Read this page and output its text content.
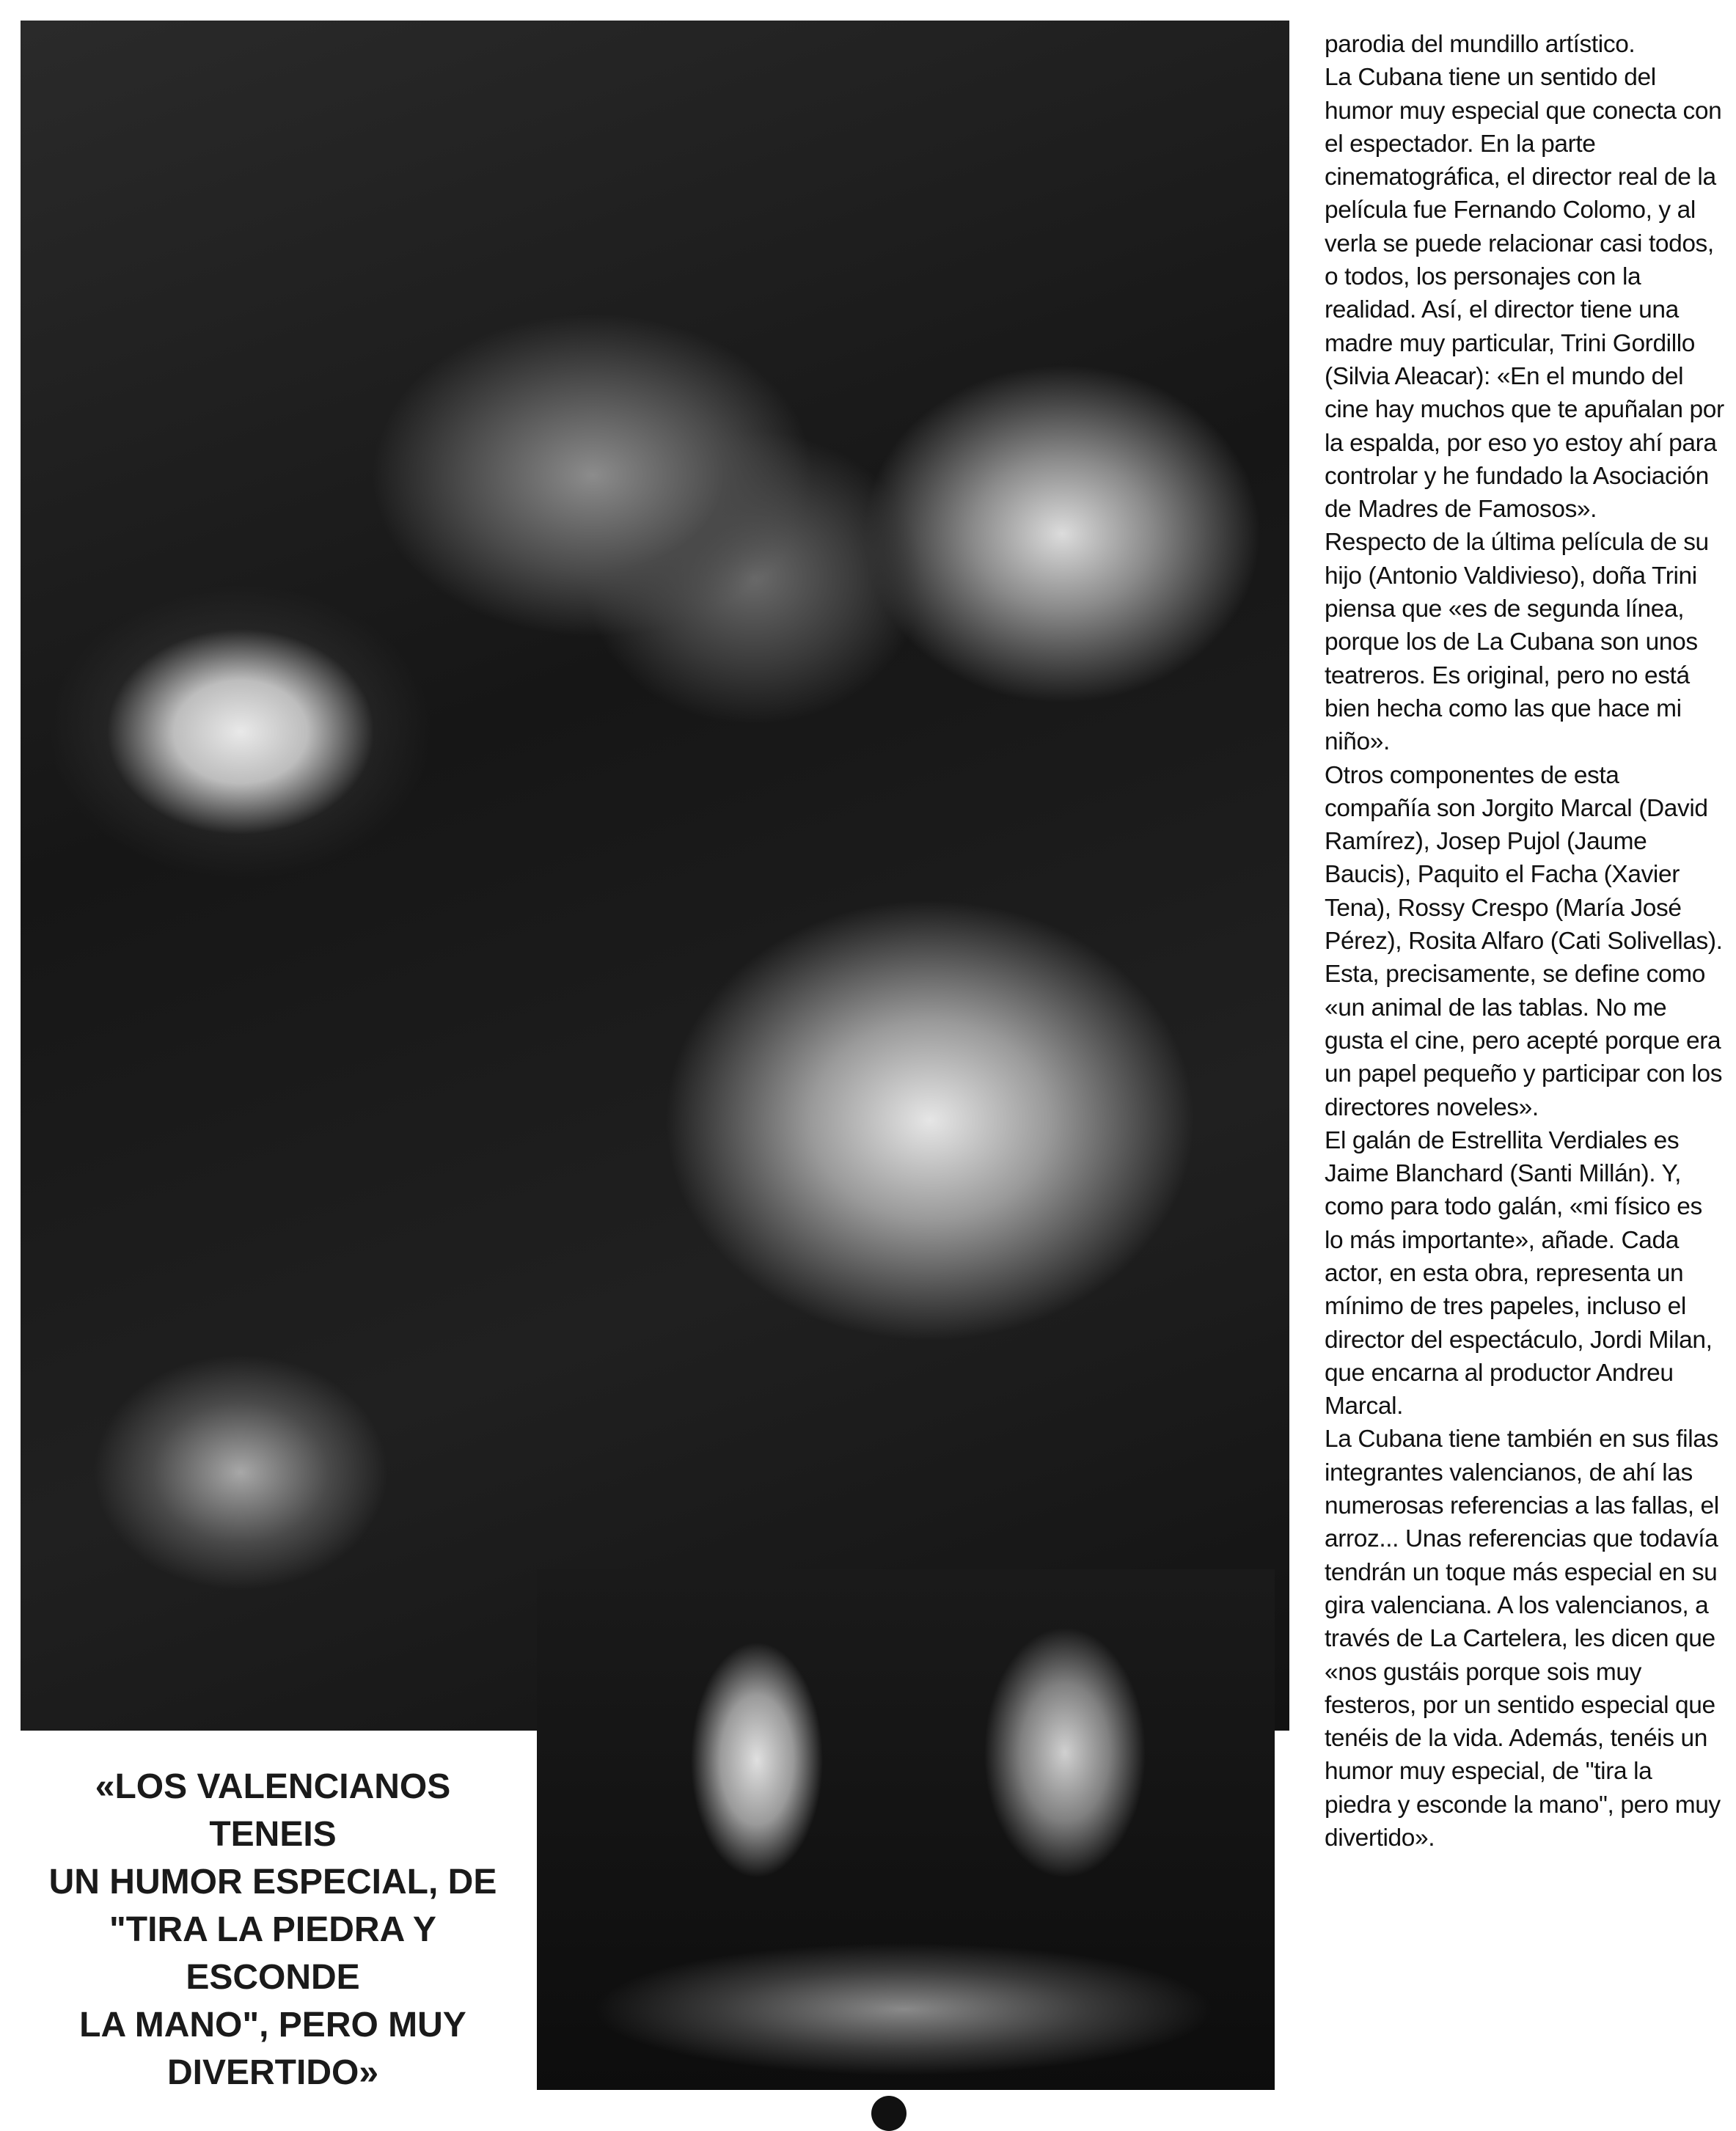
parodia del mundillo artístico.
La Cubana tiene un sentido del humor muy especial que conecta con el espectador. En la parte cinematográfica, el director real de la película fue Fernando Colomo, y al verla se puede relacionar casi todos, o todos, los personajes con la realidad. Así, el director tiene una madre muy particular, Trini Gordillo (Silvia Aleacar): «En el mundo del cine hay muchos que te apuñalan por la espalda, por eso yo estoy ahí para controlar y he fundado la Asociación de Madres de Famosos».
Respecto de la última película de su hijo (Antonio Valdivieso), doña Trini piensa que «es de segunda línea, porque los de La Cubana son unos teatreros. Es original, pero no está bien hecha como las que hace mi niño».
Otros componentes de esta compañía son Jorgito Marcal (David Ramírez), Josep Pujol (Jaume Baucis), Paquito el Facha (Xavier Tena), Rossy Crespo (María José Pérez), Rosita Alfaro (Cati Solivellas). Esta, precisamente, se define como «un animal de las tablas. No me gusta el cine, pero acepté porque era un papel pequeño y participar con los directores noveles».
El galán de Estrellita Verdiales es Jaime Blanchard (Santi Millán). Y, como para todo galán, «mi físico es lo más importante», añade. Cada actor, en esta obra, representa un mínimo de tres papeles, incluso el director del espectáculo, Jordi Milan, que encarna al productor Andreu Marcal.
La Cubana tiene también en sus filas integrantes valencianos, de ahí las numerosas referencias a las fallas, el arroz... Unas referencias que todavía tendrán un toque más especial en su gira valenciana. A los valencianos, a través de La Cartelera, les dicen que «nos gustáis porque sois muy festeros, por un sentido especial que tenéis de la vida. Además, tenéis un humor muy especial, de "tira la piedra y esconde la mano", pero muy divertido».

«LOS VALENCIANOS TENEIS
UN HUMOR ESPECIAL, DE
"TIRA LA PIEDRA Y ESCONDE
LA MANO", PERO MUY
DIVERTIDO»
